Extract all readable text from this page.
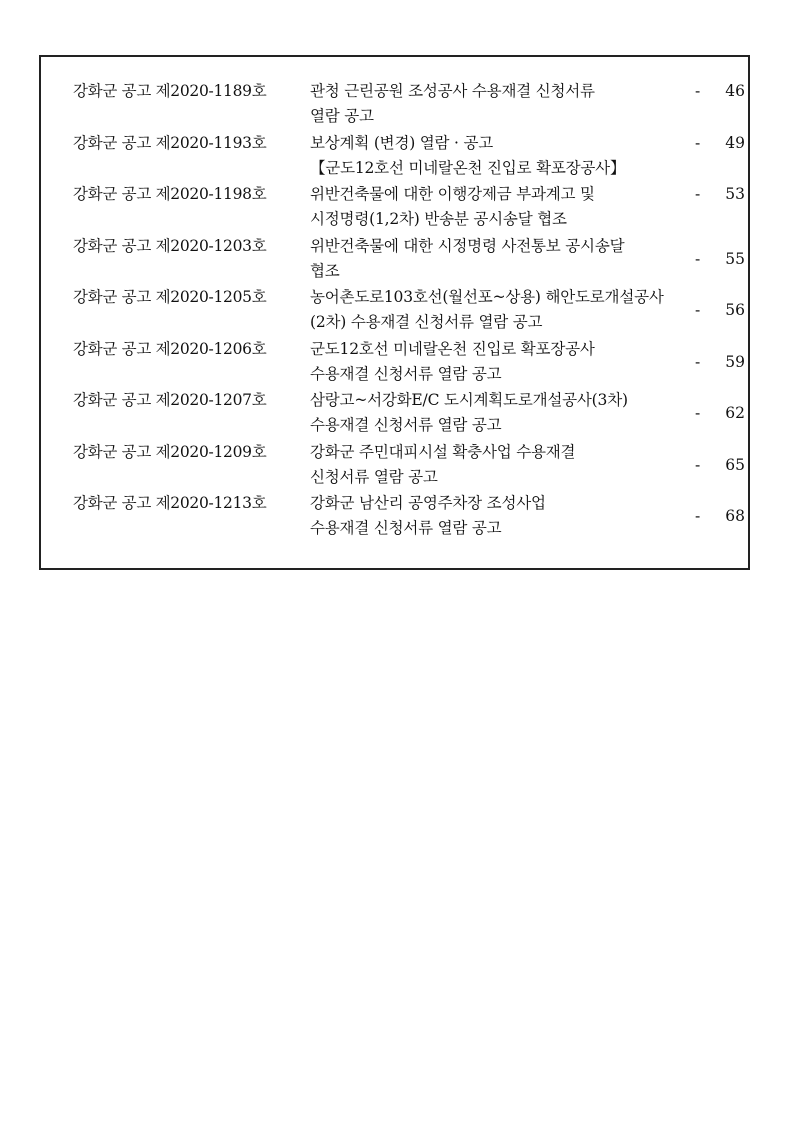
강화군 공고 제2020-1189호	관청 근린공원 조성공사 수용재결 신청서류
열람 공고
-	46
강화군 공고 제2020-1193호	보상계획 (변경) 열람 · 공고
【군도12호선 미네랄온천 진입로 확포장공사】
-	49
강화군 공고 제2020-1198호	위반건축물에 대한 이행강제금 부과계고 및
시정명령(1,2차) 반송분 공시송달 협조
-	53
강화군 공고 제2020-1203호	위반건축물에 대한 시정명령 사전통보 공시송달
협조
-	55
강화군 공고 제2020-1205호	농어촌도로103호선(월선포~상용) 해안도로개설공사
(2차) 수용재결 신청서류 열람 공고
-	56
강화군 공고 제2020-1206호	군도12호선 미네랄온천 진입로 확포장공사
수용재결 신청서류 열람 공고
-	59
강화군 공고 제2020-1207호	삼랑고~서강화E/C 도시계획도로개설공사(3차)
수용재결 신청서류 열람 공고
-	62
강화군 공고 제2020-1209호	강화군 주민대피시설 확충사업 수용재결
신청서류 열람 공고
-	65
강화군 공고 제2020-1213호	강화군 남산리 공영주차장 조성사업
수용재결 신청서류 열람 공고
-	68
